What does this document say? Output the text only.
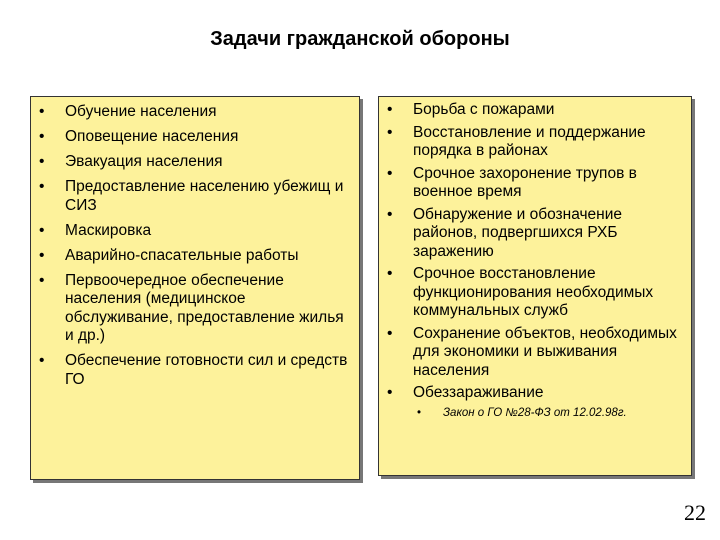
Задачи гражданской обороны
• Обучение населения
• Оповещение населения
• Эвакуация населения
• Предоставление населению убежищ и СИЗ
• Маскировка
• Аварийно-спасательные работы
• Первоочередное обеспечение населения (медицинское обслуживание, предоставление жилья и др.)
• Обеспечение готовности сил и средств ГО
• Борьба с пожарами
• Восстановление и поддержание порядка в районах
• Срочное захоронение трупов в военное время
• Обнаружение и обозначение районов, подвергшихся РХБ заражению
• Срочное восстановление функционирования необходимых коммунальных служб
• Сохранение объектов, необходимых для экономики и выживания населения
• Обеззараживание
• Закон о ГО №28-ФЗ от 12.02.98г.
22
